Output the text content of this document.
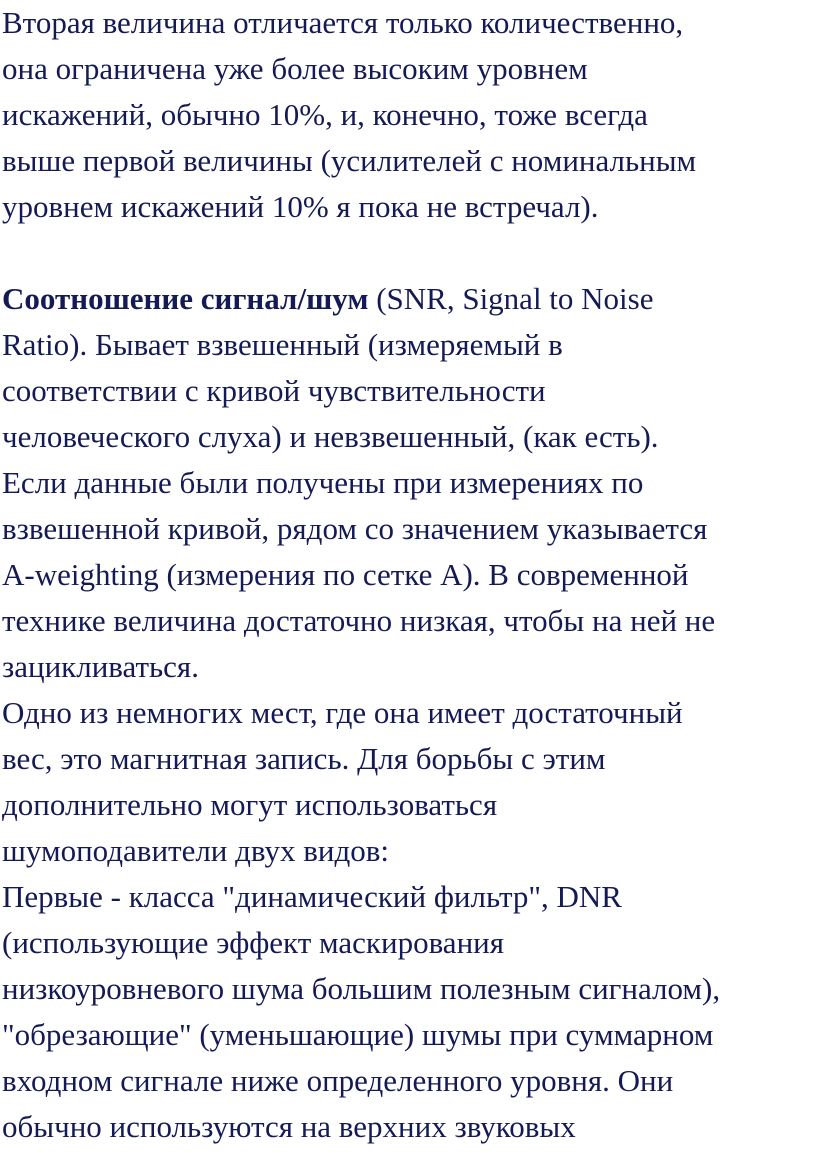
Вторая величина отличается только количественно,
она ограничена уже более высоким уровнем
искажений, обычно 10%, и, конечно, тоже всегда
выше первой величины (усилителей с номинальным
уровнем искажений 10% я пока не встречал).
Соотношение сигнал/шум (SNR, Signal to Noise
Ratio). Бывает взвешенный (измеряемый в
соответствии с кривой чувствительности
человеческого слуха) и невзвешенный, (как есть).
Если данные были получены при измерениях по
взвешенной кривой, рядом со значением указывается
A-weighting (измерения по сетке А). В современной
технике величина достаточно низкая, чтобы на ней не
зацикливаться.
Одно из немногих мест, где она имеет достаточный
вес, это магнитная запись. Для борьбы с этим
дополнительно могут использоваться
шумоподавители двух видов:
Первые - класса "динамический фильтр", DNR
(использующие эффект маскирования
низкоуровневого шума большим полезным сигналом),
"обрезающие" (уменьшающие) шумы при суммарном
входном сигнале ниже определенного уровня. Они
обычно используются на верхних звуковых
